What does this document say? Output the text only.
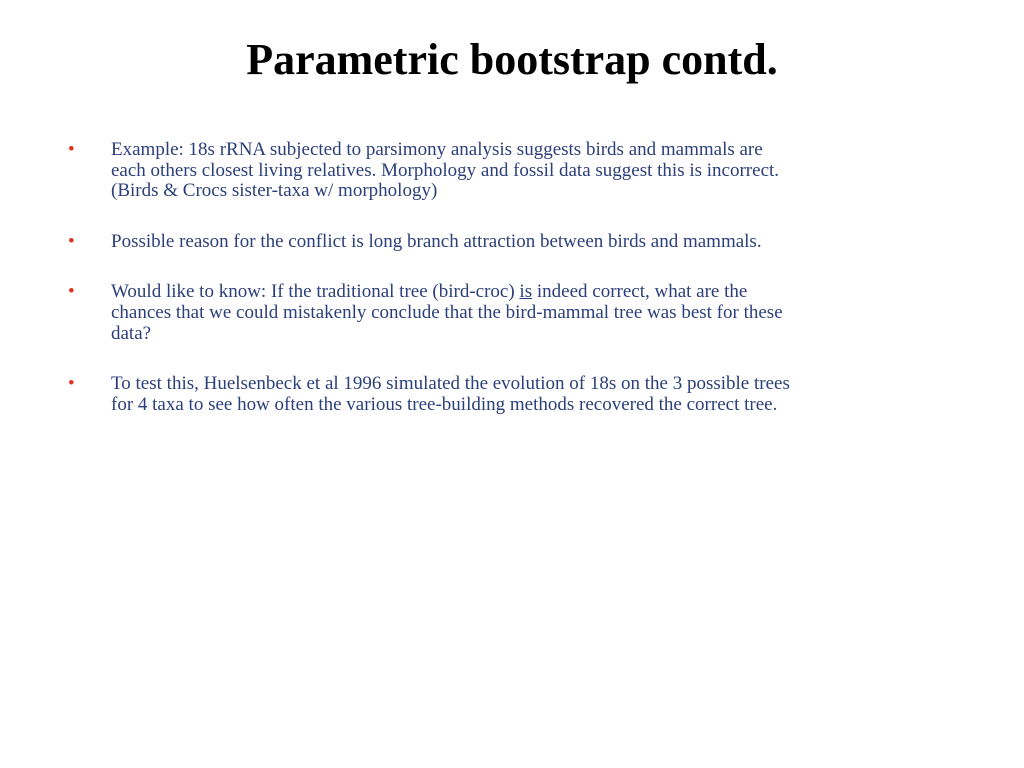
Parametric bootstrap contd.
• Example: 18s rRNA subjected to parsimony analysis suggests birds and mammals are
each others closest living relatives. Morphology and fossil data suggest this is incorrect.
(Birds & Crocs sister-taxa w/ morphology)
• Possible reason for the conflict is long branch attraction between birds and mammals.
• Would like to know: If the traditional tree (bird-croc) is indeed correct, what are the
chances that we could mistakenly conclude that the bird-mammal tree was best for these
data?
• To test this, Huelsenbeck et al 1996 simulated the evolution of 18s on the 3 possible trees
for 4 taxa to see how often the various tree-building methods recovered the correct tree.
